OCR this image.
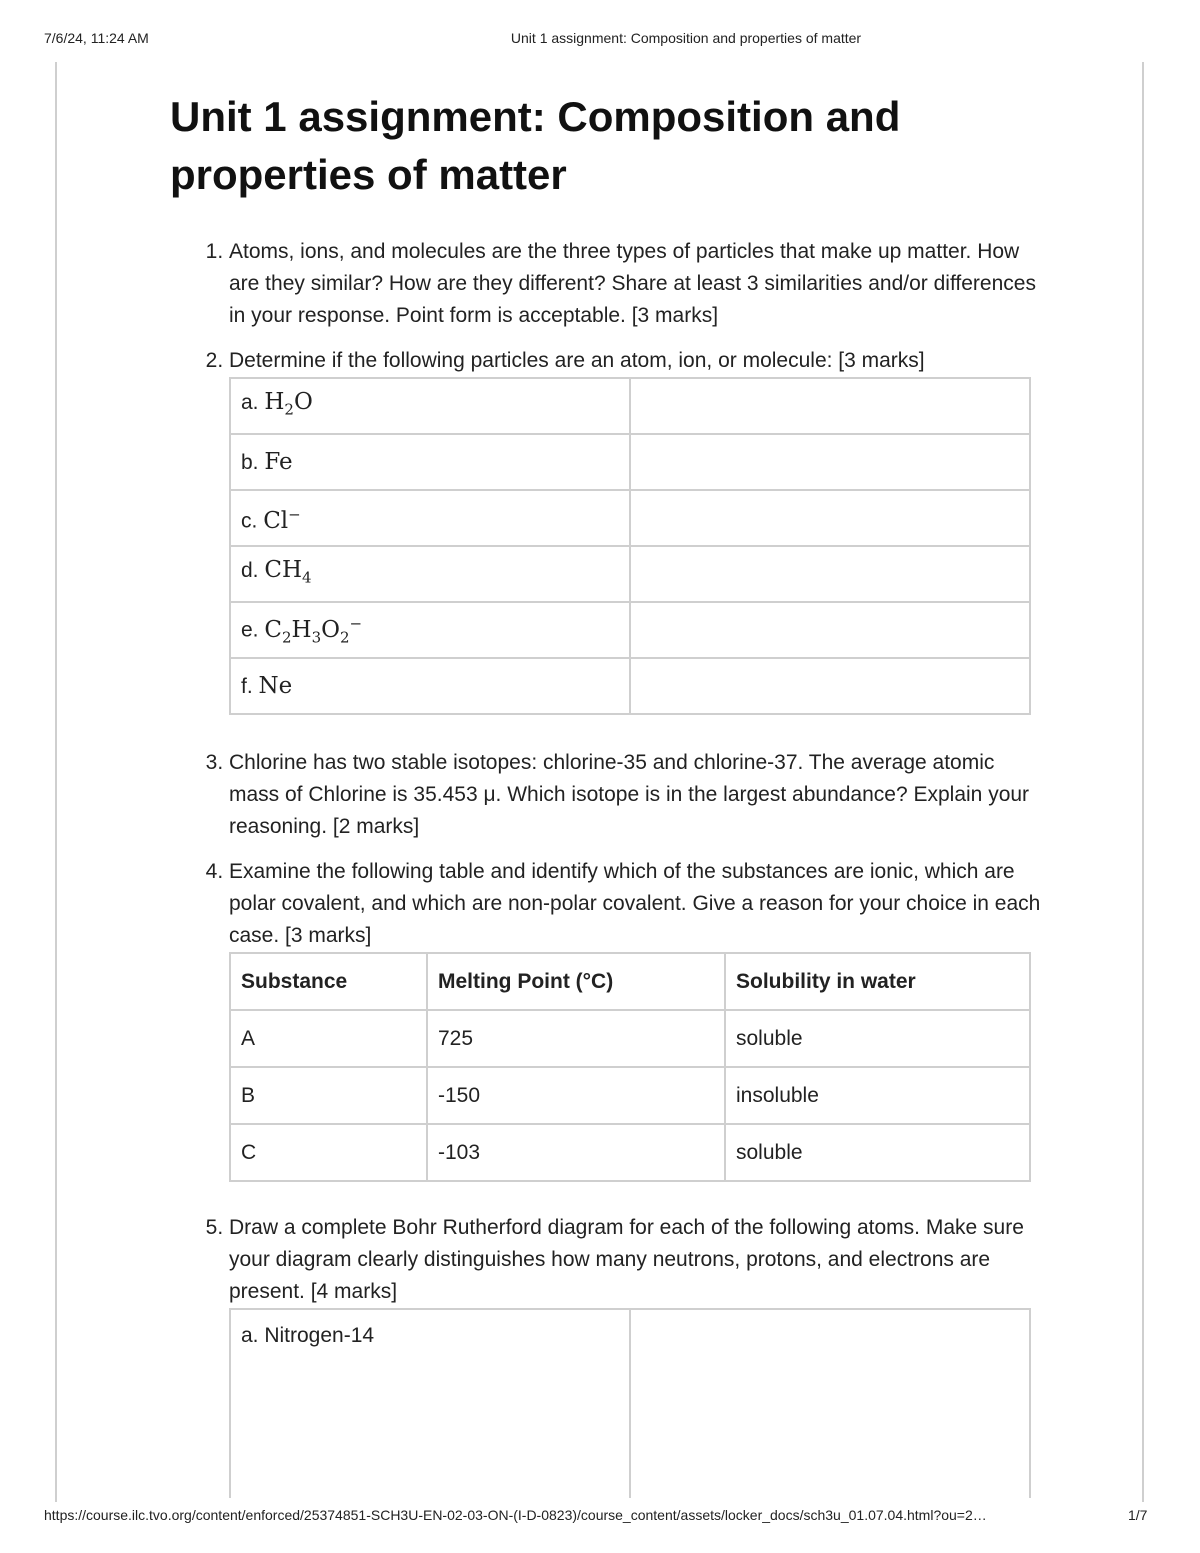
7/6/24, 11:24 AM	Unit 1 assignment: Composition and properties of matter
Unit 1 assignment: Composition and properties of matter

1. Atoms, ions, and molecules are the three types of particles that make up matter. How are they similar? How are they different? Share at least 3 similarities and/or differences in your response. Point form is acceptable. [3 marks]

2. Determine if the following particles are an atom, ion, or molecule: [3 marks]

a. $H_2O$	
b. Fe	
c. Cl−	
d. $CH_4$	
e. $C_2H_3O_2^-$	
f. Ne	

3. Chlorine has two stable isotopes: chlorine-35 and chlorine-37. The average atomic mass of Chlorine is 35.453 μ. Which isotope is in the largest abundance? Explain your reasoning. [2 marks]

4. Examine the following table and identify which of the substances are ionic, which are polar covalent, and which are non-polar covalent. Give a reason for your choice in each case. [3 marks]

Substance	Melting Point (°C)	Solubility in water
A	725	soluble
B	-150	insoluble
C	-103	soluble

5. Draw a complete Bohr Rutherford diagram for each of the following atoms. Make sure your diagram clearly distinguishes how many neutrons, protons, and electrons are present. [4 marks]

a. Nitrogen-14	
https://course.ilc.tvo.org/content/enforced/25374851-SCH3U-EN-02-03-ON-(I-D-0823)/course_content/assets/locker_docs/sch3u_01.07.04.html?ou=2…	1/7
